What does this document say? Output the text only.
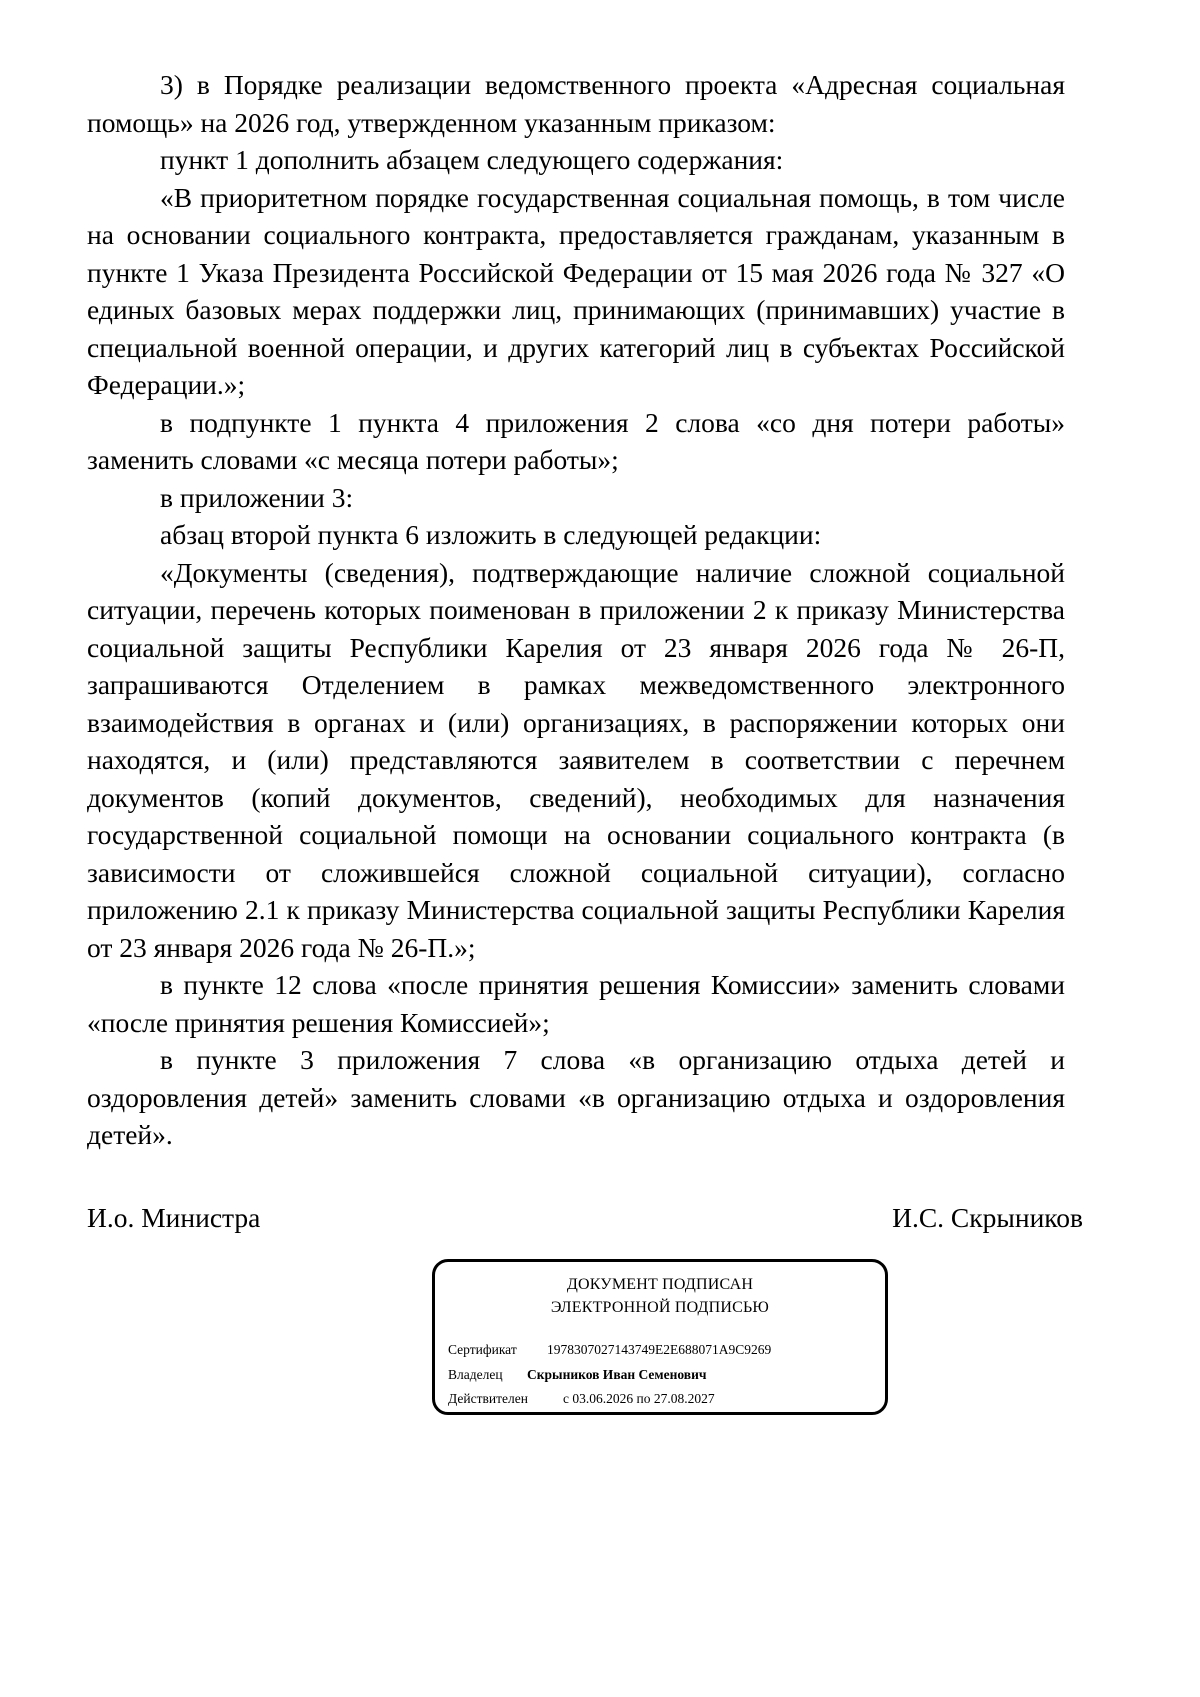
3) в Порядке реализации ведомственного проекта «Адресная социальная помощь» на 2026 год, утвержденном указанным приказом:

пункт 1 дополнить абзацем следующего содержания:

«В приоритетном порядке государственная социальная помощь, в том числе на основании социального контракта, предоставляется гражданам, указанным в пункте 1 Указа Президента Российской Федерации от 15 мая 2026 года № 327 «О единых базовых мерах поддержки лиц, принимающих (принимавших) участие в специальной военной операции, и других категорий лиц в субъектах Российской Федерации.»;

в подпункте 1 пункта 4 приложения 2 слова «со дня потери работы» заменить словами «с месяца потери работы»;

в приложении 3:

абзац второй пункта 6 изложить в следующей редакции:

«Документы (сведения), подтверждающие наличие сложной социальной ситуации, перечень которых поименован в приложении 2 к приказу Министерства социальной защиты Республики Карелия от 23 января 2026 года № 26-П, запрашиваются Отделением в рамках межведомственного электронного взаимодействия в органах и (или) организациях, в распоряжении которых они находятся, и (или) представляются заявителем в соответствии с перечнем документов (копий документов, сведений), необходимых для назначения государственной социальной помощи на основании социального контракта (в зависимости от сложившейся сложной социальной ситуации), согласно приложению 2.1 к приказу Министерства социальной защиты Республики Карелия от 23 января 2026 года № 26-П.»;

в пункте 12 слова «после принятия решения Комиссии» заменить словами «после принятия решения Комиссией»;

в пункте 3 приложения 7 слова «в организацию отдыха детей и оздоровления детей» заменить словами «в организацию отдыха и оздоровления детей».

И.о. Министра	И.С. Скрыников
ДОКУМЕНТ ПОДПИСАН
ЭЛЕКТРОННОЙ ПОДПИСЬЮ
Сертификат 1978307027143749E2E688071A9C9269
Владелец Скрыников Иван Семенович
Действителен	с 03.06.2026 по 27.08.2027
